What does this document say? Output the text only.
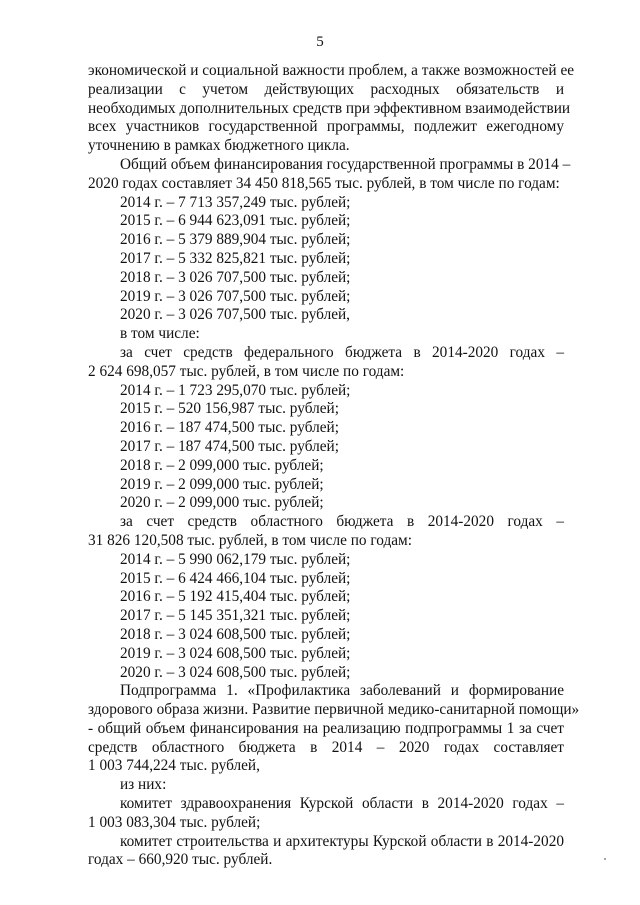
5
экономической и социальной важности проблем, а также возможностей ее
реализации с учетом действующих расходных обязательств и
необходимых дополнительных средств при эффективном взаимодействии
всех участников государственной программы, подлежит ежегодному
уточнению в рамках бюджетного цикла.
Общий объем финансирования государственной программы в 2014 –
2020 годах составляет 34 450 818,565 тыс. рублей, в том числе по годам:
2014 г. – 7 713 357,249 тыс. рублей;
2015 г. – 6 944 623,091 тыс. рублей;
2016 г. – 5 379 889,904 тыс. рублей;
2017 г. – 5 332 825,821 тыс. рублей;
2018 г. – 3 026 707,500 тыс. рублей;
2019 г. – 3 026 707,500 тыс. рублей;
2020 г. – 3 026 707,500 тыс. рублей,
в том числе:
за счет средств федерального бюджета в 2014-2020 годах –
2 624 698,057 тыс. рублей, в том числе по годам:
2014 г. – 1 723 295,070 тыс. рублей;
2015 г. – 520 156,987 тыс. рублей;
2016 г. – 187 474,500 тыс. рублей;
2017 г. – 187 474,500 тыс. рублей;
2018 г. – 2 099,000 тыс. рублей;
2019 г. – 2 099,000 тыс. рублей;
2020 г. – 2 099,000 тыс. рублей;
за счет средств областного бюджета в 2014-2020 годах –
31 826 120,508 тыс. рублей, в том числе по годам:
2014 г. – 5 990 062,179 тыс. рублей;
2015 г. – 6 424 466,104 тыс. рублей;
2016 г. – 5 192 415,404 тыс. рублей;
2017 г. – 5 145 351,321 тыс. рублей;
2018 г. – 3 024 608,500 тыс. рублей;
2019 г. – 3 024 608,500 тыс. рублей;
2020 г. – 3 024 608,500 тыс. рублей;
Подпрограмма 1. «Профилактика заболеваний и формирование
здорового образа жизни. Развитие первичной медико-санитарной помощи»
- общий объем финансирования на реализацию подпрограммы 1 за счет
средств областного бюджета в 2014 – 2020 годах составляет
1 003 744,224 тыс. рублей,
из них:
комитет здравоохранения Курской области в 2014-2020 годах –
1 003 083,304 тыс. рублей;
комитет строительства и архитектуры Курской области в 2014-2020
годах – 660,920 тыс. рублей.
